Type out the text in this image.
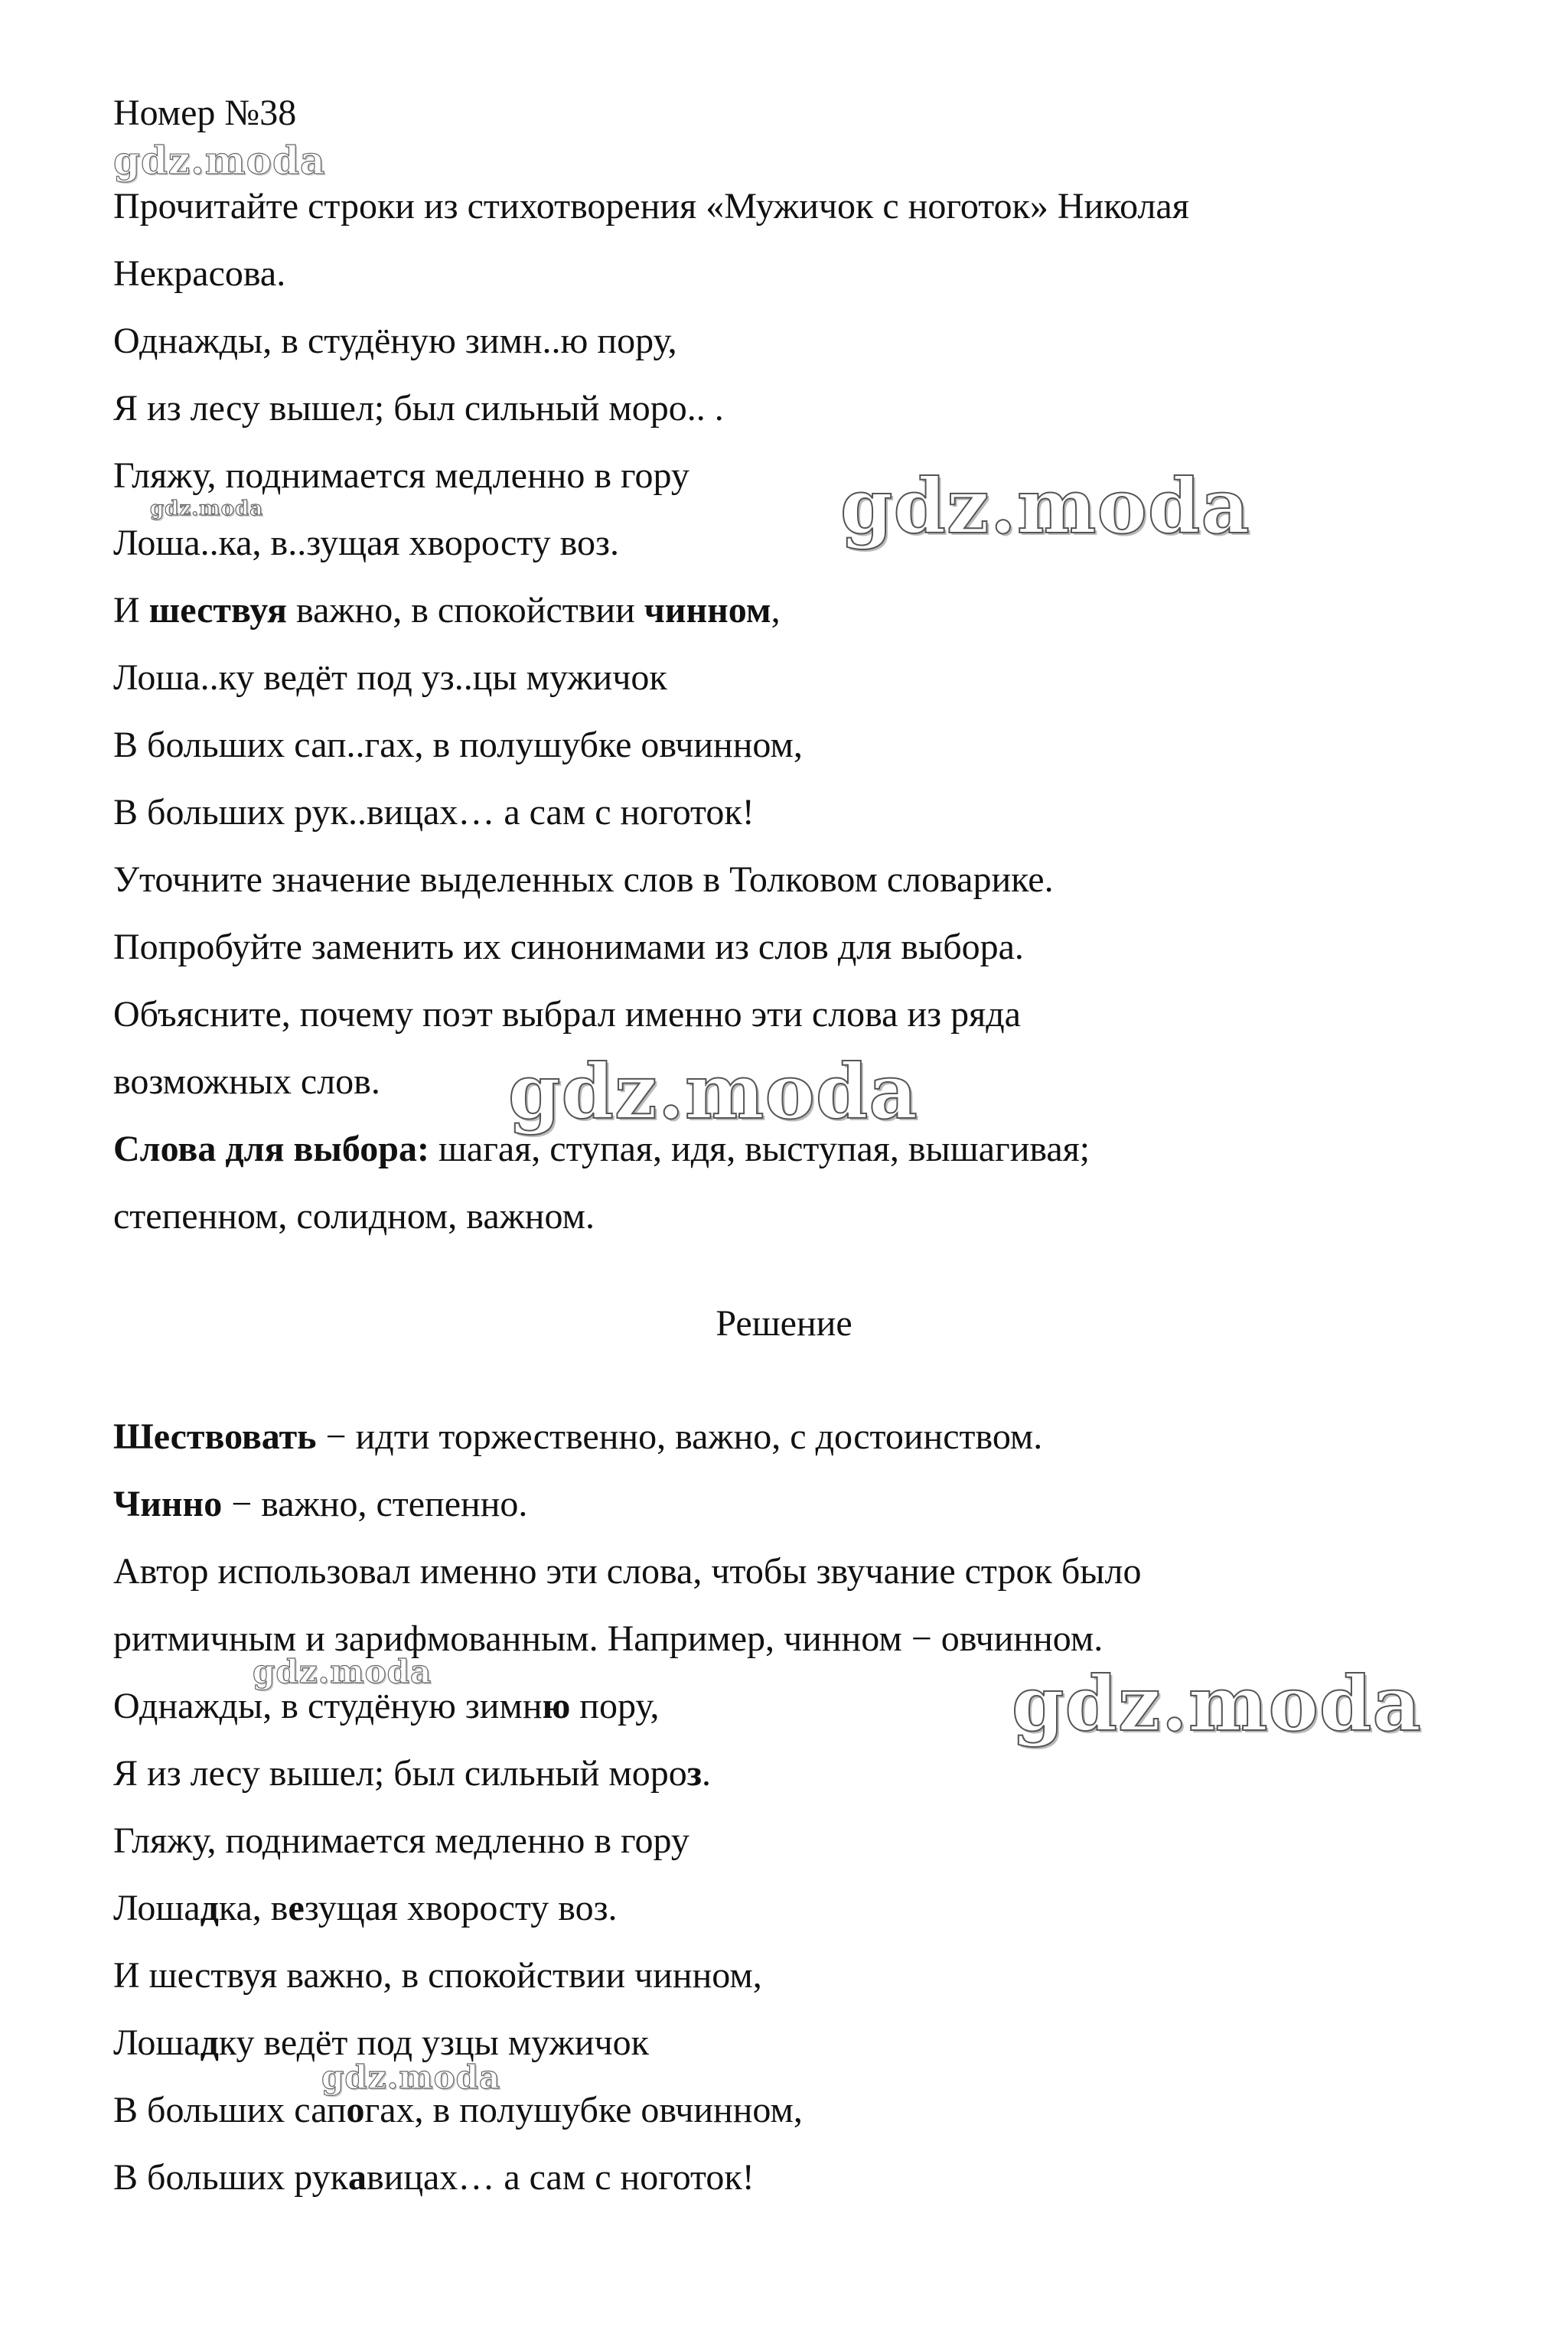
Номер №38
Прочитайте строки из стихотворения «Мужичок с ноготок» Николая
Некрасова.
Однажды, в студёную зимн..ю пору,
Я из лесу вышел; был сильный моро.. .
Гляжу, поднимается медленно в гору
Лоша..ка, в..зущая хворосту воз.
И шествуя важно, в спокойствии чинном,
Лоша..ку ведёт под уз..цы мужичок
В больших сап..гах, в полушубке овчинном,
В больших рук..вицах… а сам с ноготок!
Уточните значение выделенных слов в Толковом словарике.
Попробуйте заменить их синонимами из слов для выбора.
Объясните, почему поэт выбрал именно эти слова из ряда
возможных слов.
Слова для выбора: шагая, ступая, идя, выступая, вышагивая;
степенном, солидном, важном.
Решение
Шествовать − идти торжественно, важно, с достоинством.
Чинно − важно, степенно.
Автор использовал именно эти слова, чтобы звучание строк было
ритмичным и зарифмованным. Например, чинном − овчинном.
Однажды, в студёную зимню пору,
Я из лесу вышел; был сильный мороз.
Гляжу, поднимается медленно в гору
Лошадка, везущая хворосту воз.
И шествуя важно, в спокойствии чинном,
Лошадку ведёт под узцы мужичок
В больших сапогах, в полушубке овчинном,
В больших рукавицах… а сам с ноготок!
gdz.moda
gdz.moda	gdz.moda
gdz.moda
gdz.moda	gdz.moda
gdz.moda
